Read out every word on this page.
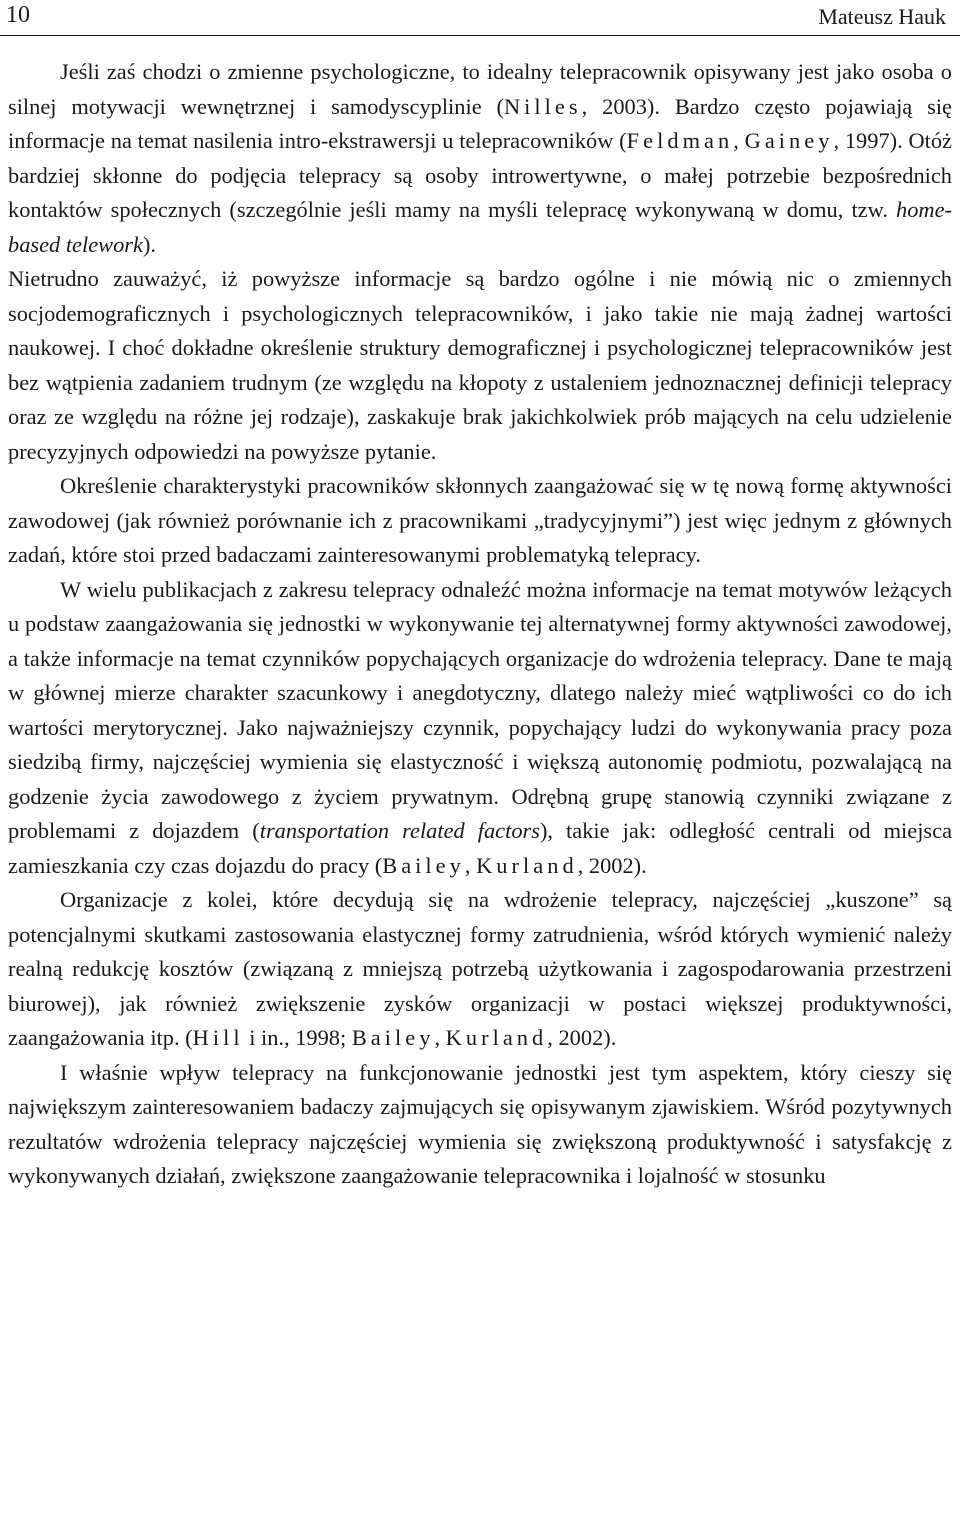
10	Mateusz Hauk

Jeśli zaś chodzi o zmienne psychologiczne, to idealny telepracownik opisywany jest jako osoba o silnej motywacji wewnętrznej i samodyscyplinie (Nilles, 2003). Bardzo często pojawiają się informacje na temat nasilenia intro-ekstrawersji u telepracowników (Feldman, Gainey, 1997). Otóż bardziej skłonne do podjęcia telepracy są osoby introwertywne, o małej potrzebie bezpośrednich kontaktów społecznych (szczególnie jeśli mamy na myśli telepracę wykonywaną w domu, tzw. home-based telework).

Nietrudno zauważyć, iż powyższe informacje są bardzo ogólne i nie mówią nic o zmiennych socjodemograficznych i psychologicznych telepracowników, i jako takie nie mają żadnej wartości naukowej. I choć dokładne określenie struktury demograficznej i psychologicznej telepracowników jest bez wątpienia zadaniem trudnym (ze względu na kłopoty z ustaleniem jednoznacznej definicji telepracy oraz ze względu na różne jej rodzaje), zaskakuje brak jakichkolwiek prób mających na celu udzielenie precyzyjnych odpowiedzi na powyższe pytanie.

Określenie charakterystyki pracowników skłonnych zaangażować się w tę nową formę aktywności zawodowej (jak również porównanie ich z pracownikami „tradycyjnymi”) jest więc jednym z głównych zadań, które stoi przed badaczami zainteresowanymi problematyką telepracy.

W wielu publikacjach z zakresu telepracy odnaleźć można informacje na temat motywów leżących u podstaw zaangażowania się jednostki w wykonywanie tej alternatywnej formy aktywności zawodowej, a także informacje na temat czynników popychających organizacje do wdrożenia telepracy. Dane te mają w głównej mierze charakter szacunkowy i anegdotyczny, dlatego należy mieć wątpliwości co do ich wartości merytorycznej. Jako najważniejszy czynnik, popychający ludzi do wykonywania pracy poza siedzibą firmy, najczęściej wymienia się elastyczność i większą autonomię podmiotu, pozwalającą na godzenie życia zawodowego z życiem prywatnym. Odrębną grupę stanowią czynniki związane z problemami z dojazdem (transportation related factors), takie jak: odległość centrali od miejsca zamieszkania czy czas dojazdu do pracy (Bailey, Kurland, 2002).

Organizacje z kolei, które decydują się na wdrożenie telepracy, najczęściej „kuszone” są potencjalnymi skutkami zastosowania elastycznej formy zatrudnienia, wśród których wymienić należy realną redukcję kosztów (związaną z mniejszą potrzebą użytkowania i zagospodarowania przestrzeni biurowej), jak również zwiększenie zysków organizacji w postaci większej produktywności, zaangażowania itp. (Hill i in., 1998; Bailey, Kurland, 2002).

I właśnie wpływ telepracy na funkcjonowanie jednostki jest tym aspektem, który cieszy się największym zainteresowaniem badaczy zajmujących się opisywanym zjawiskiem. Wśród pozytywnych rezultatów wdrożenia telepracy najczęściej wymienia się zwiększoną produktywność i satysfakcję z wykonywanych działań, zwiększone zaangażowanie telepracownika i lojalność w stosunku
